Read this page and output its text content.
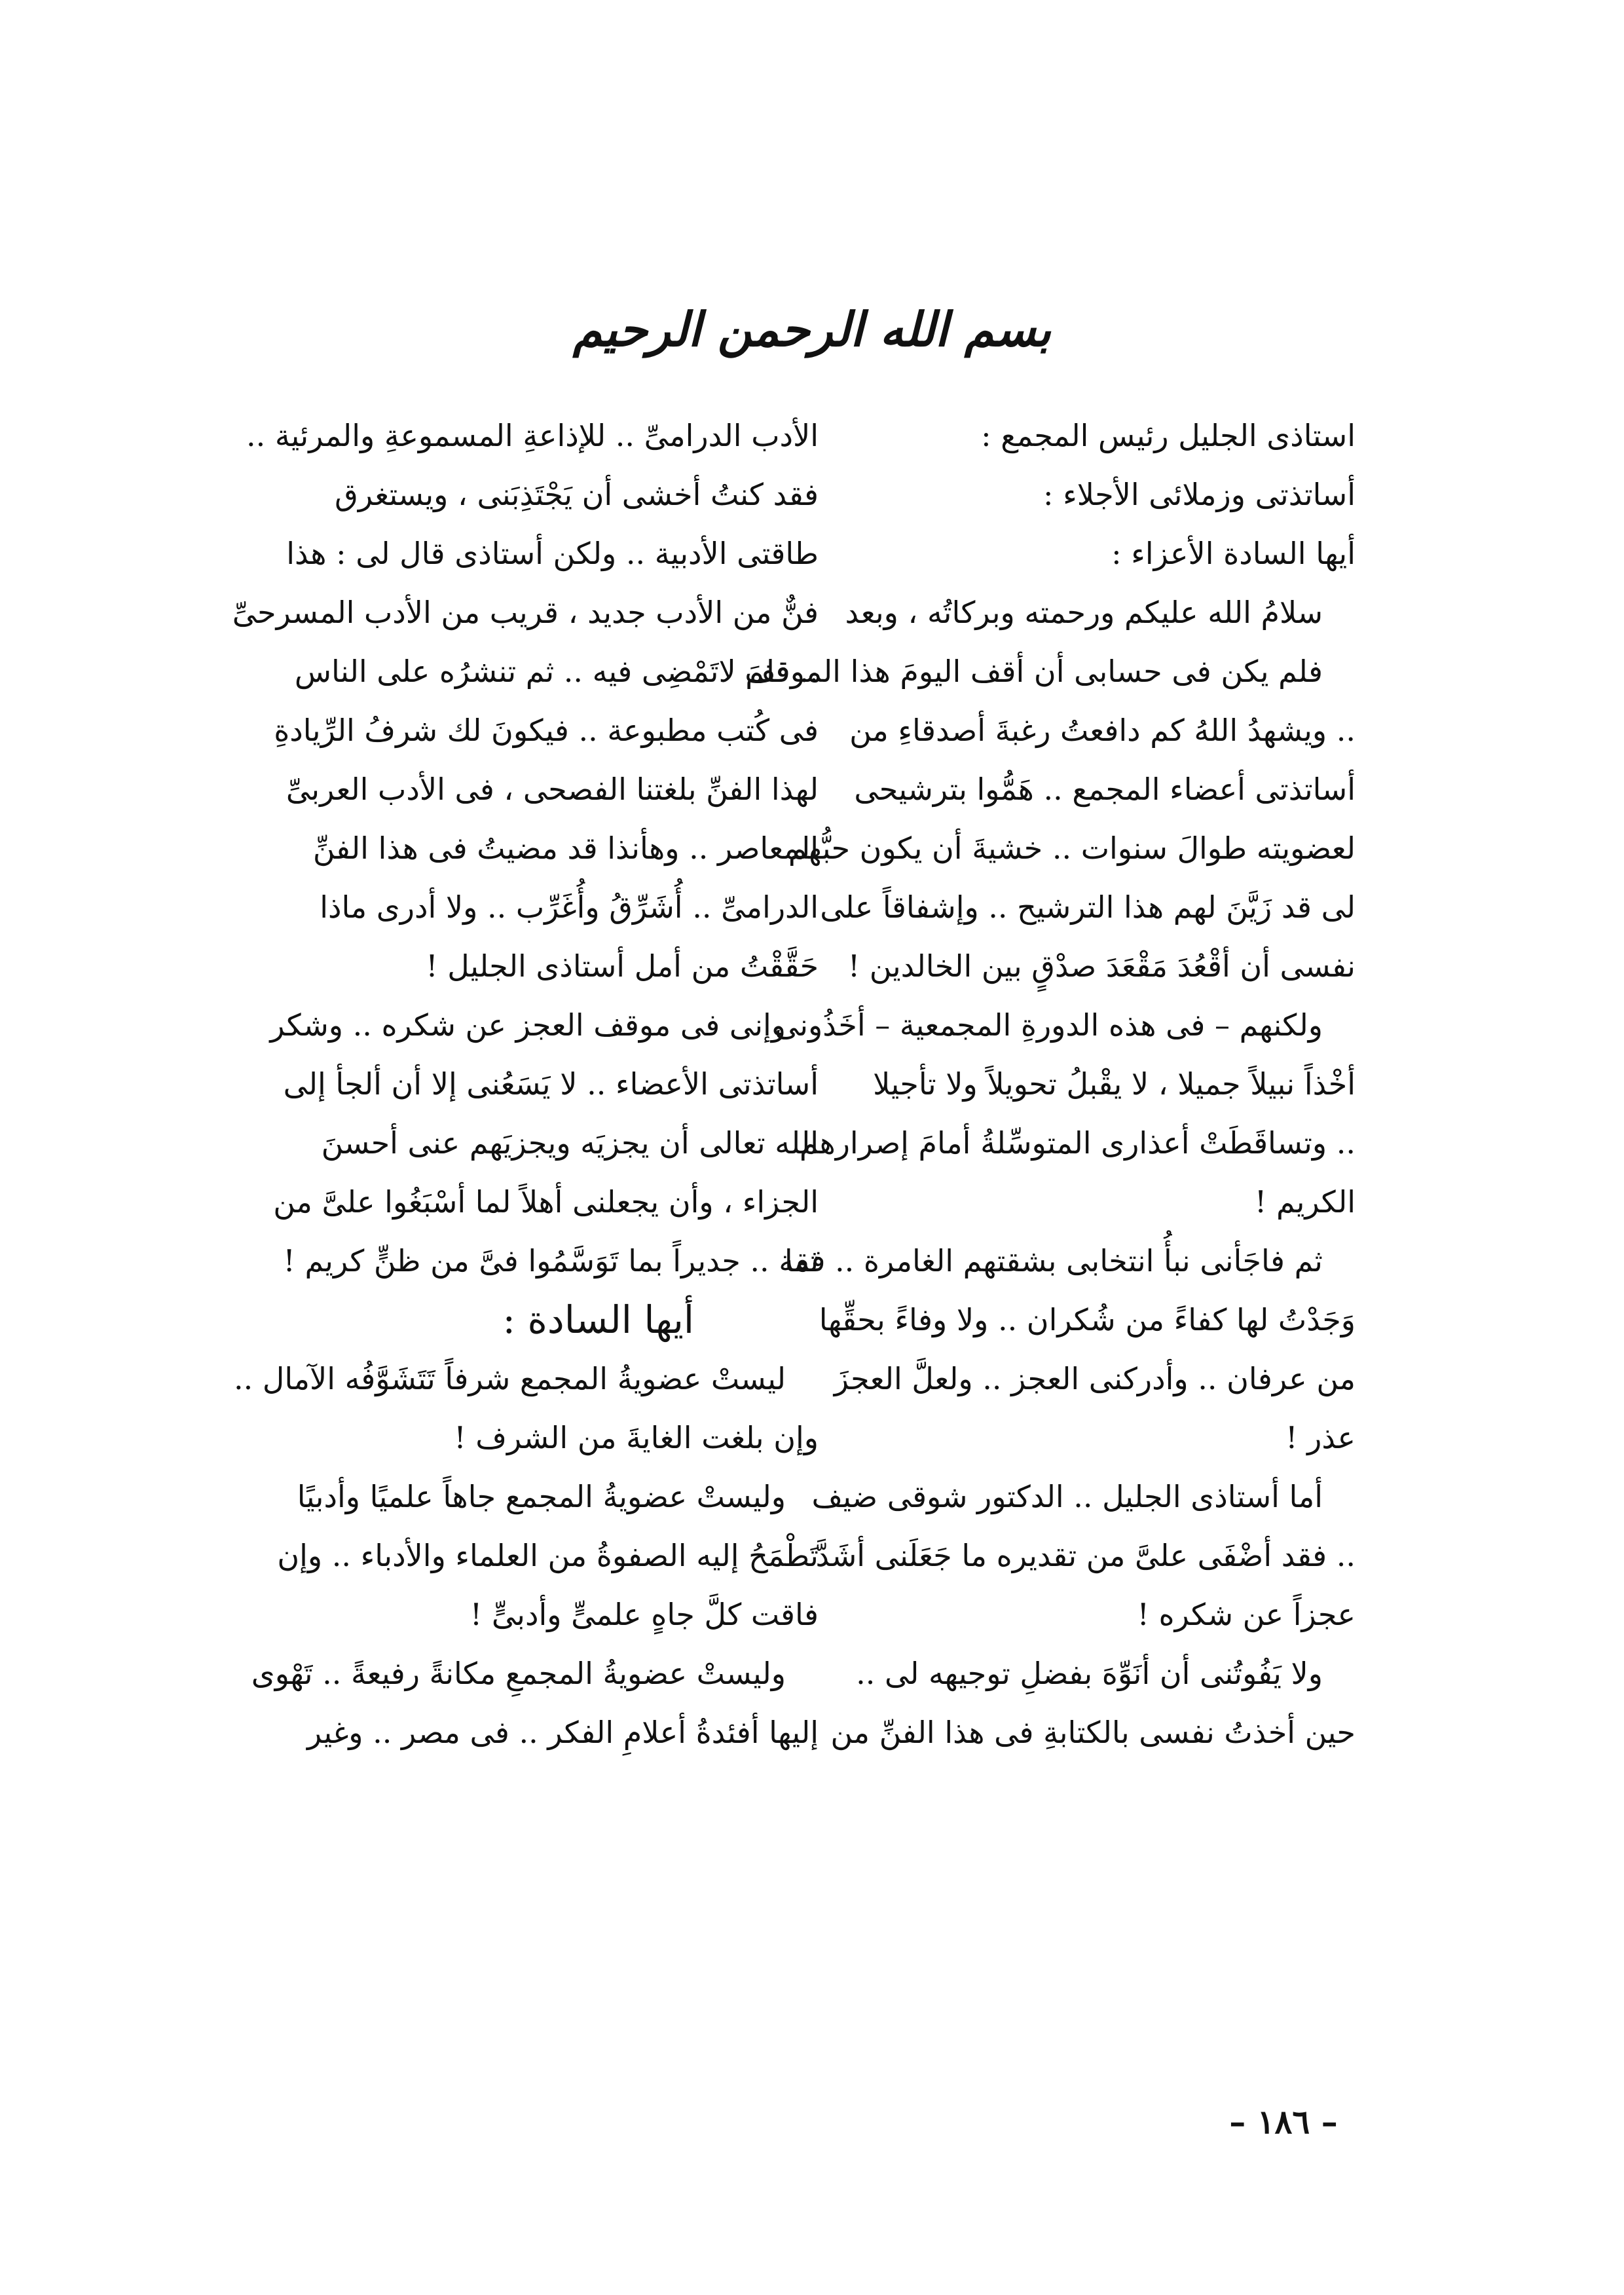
بسم الله الرحمن الرحيم
استاذى الجليل رئيس المجمع :
أساتذتى وزملائى الأجلاء :
أيها السادة الأعزاء :
سلامُ الله عليكم ورحمته وبركاتُه ، وبعد
فلم يكن فى حسابى أن أقف اليومَ هذا الموقف
.. ويشهدُ اللهُ كم دافعتُ رغبةَ أصدقاءِ من
أساتذتى أعضاء المجمع .. هَمُّوا بترشيحى
لعضويته طوالَ سنوات .. خشيةَ أن يكون حبُّهم
لى قد زَيَّنَ لهم هذا الترشيح .. وإشفاقاً على
نفسى أن أقْعُدَ مَقْعَدَ صدْقٍ بين الخالدين !
ولكنهم – فى هذه الدورةِ المجمعية – أخَذُونى
أخْذاً نبيلاً جميلا ، لا يقْبلُ تحويلاً ولا تأجيلا
.. وتساقَطَتْ أعذارى المتوسِّلةُ أمامَ إصرارهم
الكريم !
ثم فاجَأنى نبأُ انتخابى بشقتهم الغامرة .. فما
وَجَدْتُ لها كفاءً من شُكران .. ولا وفاءً بحقِّها
من عرفان .. وأدركنى العجز .. ولعلَّ العجزَ
عذر !
أما أستاذى الجليل .. الدكتور شوقى ضيف
.. فقد أضْفَى علىَّ من تقديره ما جَعَلَنى أشَدَّ
عجزاً عن شكره !
ولا يَفُوتُنى أن أنَوِّهَ بفضلِ توجيهه لى ..
حين أخذتُ نفسى بالكتابةِ فى هذا الفنِّ من
الأدب الدرامىِّ .. للإذاعةِ المسموعةِ والمرئية ..
فقد كنتُ أخشى أن يَجْتَذِبَنى ، ويستغرق
طاقتى الأدبية .. ولكن أستاذى قال لى : هذا
فنٌّ من الأدب جديد ، قريب من الأدب المسرحىِّ
.. فلمَ لاتَمْضِى فيه .. ثم تنشرُه على الناس
فى كُتب مطبوعة .. فيكونَ لك شرفُ الرِّيادةِ
لهذا الفنِّ بلغتنا الفصحى ، فى الأدب العربىِّ
المعاصر .. وهأنذا قد مضيتُ فى هذا الفنِّ
الدرامىِّ .. أُشَرِّقُ وأُغَرِّب .. ولا أدرى ماذا
حَقَّقْتُ من أمل أستاذى الجليل !
وإنى فى موقف العجز عن شكره .. وشكر
أساتذتى الأعضاء .. لا يَسَعُنى إلا أن ألجأ إلى
الله تعالى أن يجزيَه ويجزيَهم عنى أحسنَ
الجزاء ، وأن يجعلنى أهلاً لما أسْبَغُوا علىَّ من
ثقة .. جديراً بما تَوَسَّمُوا فىَّ من ظنٍّ كريم !
أيها السادة :
ليستْ عضويةُ المجمع شرفاً تَتَشَوَّفُه الآمال ..
وإن بلغت الغايةَ من الشرف !
وليستْ عضويةُ المجمع جاهاً علميًا وأدبيًا
تَطْمَحُ إليه الصفوةُ من العلماء والأدباء .. وإن
فاقت كلَّ جاهٍ علمىٍّ وأدبىٍّ !
وليستْ عضويةُ المجمعِ مكانةً رفيعةً .. تَهْوى
إليها أفئدةُ أعلامِ الفكر .. فى مصر .. وغير
– ١٨٦ –
